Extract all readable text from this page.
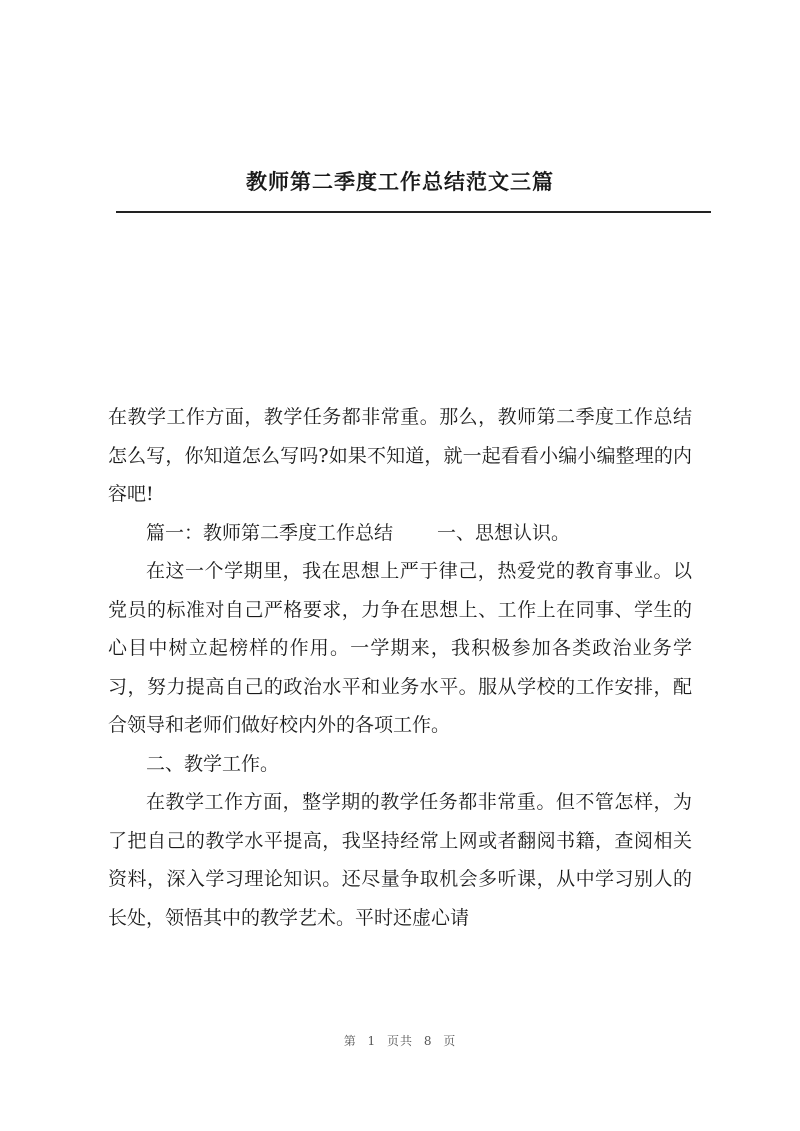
教师第二季度工作总结范文三篇

在教学工作方面，教学任务都非常重。那么，教师第二季度工作总结怎么写，你知道怎么写吗?如果不知道，就一起看看小编小编整理的内容吧!

篇一：教师第二季度工作总结 一、思想认识。

在这一个学期里，我在思想上严于律己，热爱党的教育事业。以党员的标准对自己严格要求，力争在思想上、工作上在同事、学生的心目中树立起榜样的作用。一学期来，我积极参加各类政治业务学习，努力提高自己的政治水平和业务水平。服从学校的工作安排，配合领导和老师们做好校内外的各项工作。

二、教学工作。

在教学工作方面，整学期的教学任务都非常重。但不管怎样，为了把自己的教学水平提高，我坚持经常上网或者翻阅书籍，查阅相关资料，深入学习理论知识。还尽量争取机会多听课，从中学习别人的长处，领悟其中的教学艺术。平时还虚心请

第 1 页共 8 页
